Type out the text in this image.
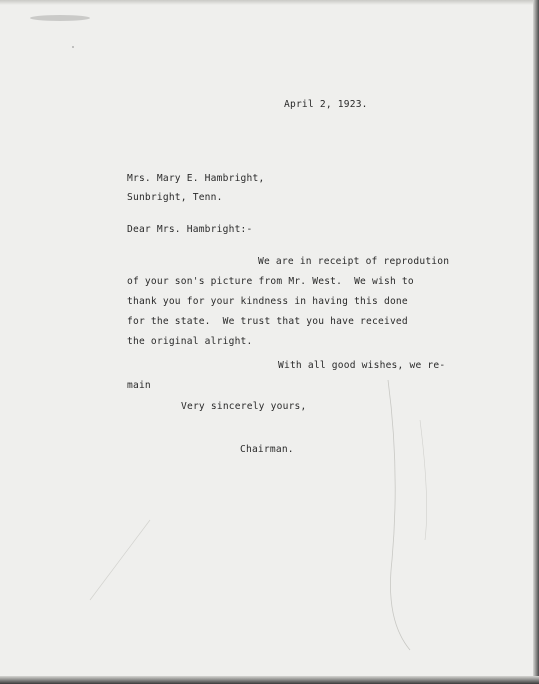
April 2, 1923.
Mrs. Mary E. Hambright,
Sunbright, Tenn.
Dear Mrs. Hambright:-
We are in receipt of reprodution
of your son's picture from Mr. West.  We wish to
thank you for your kindness in having this done
for the state.  We trust that you have received
the original alright.
With all good wishes, we re-
main
Very sincerely yours,
Chairman.
